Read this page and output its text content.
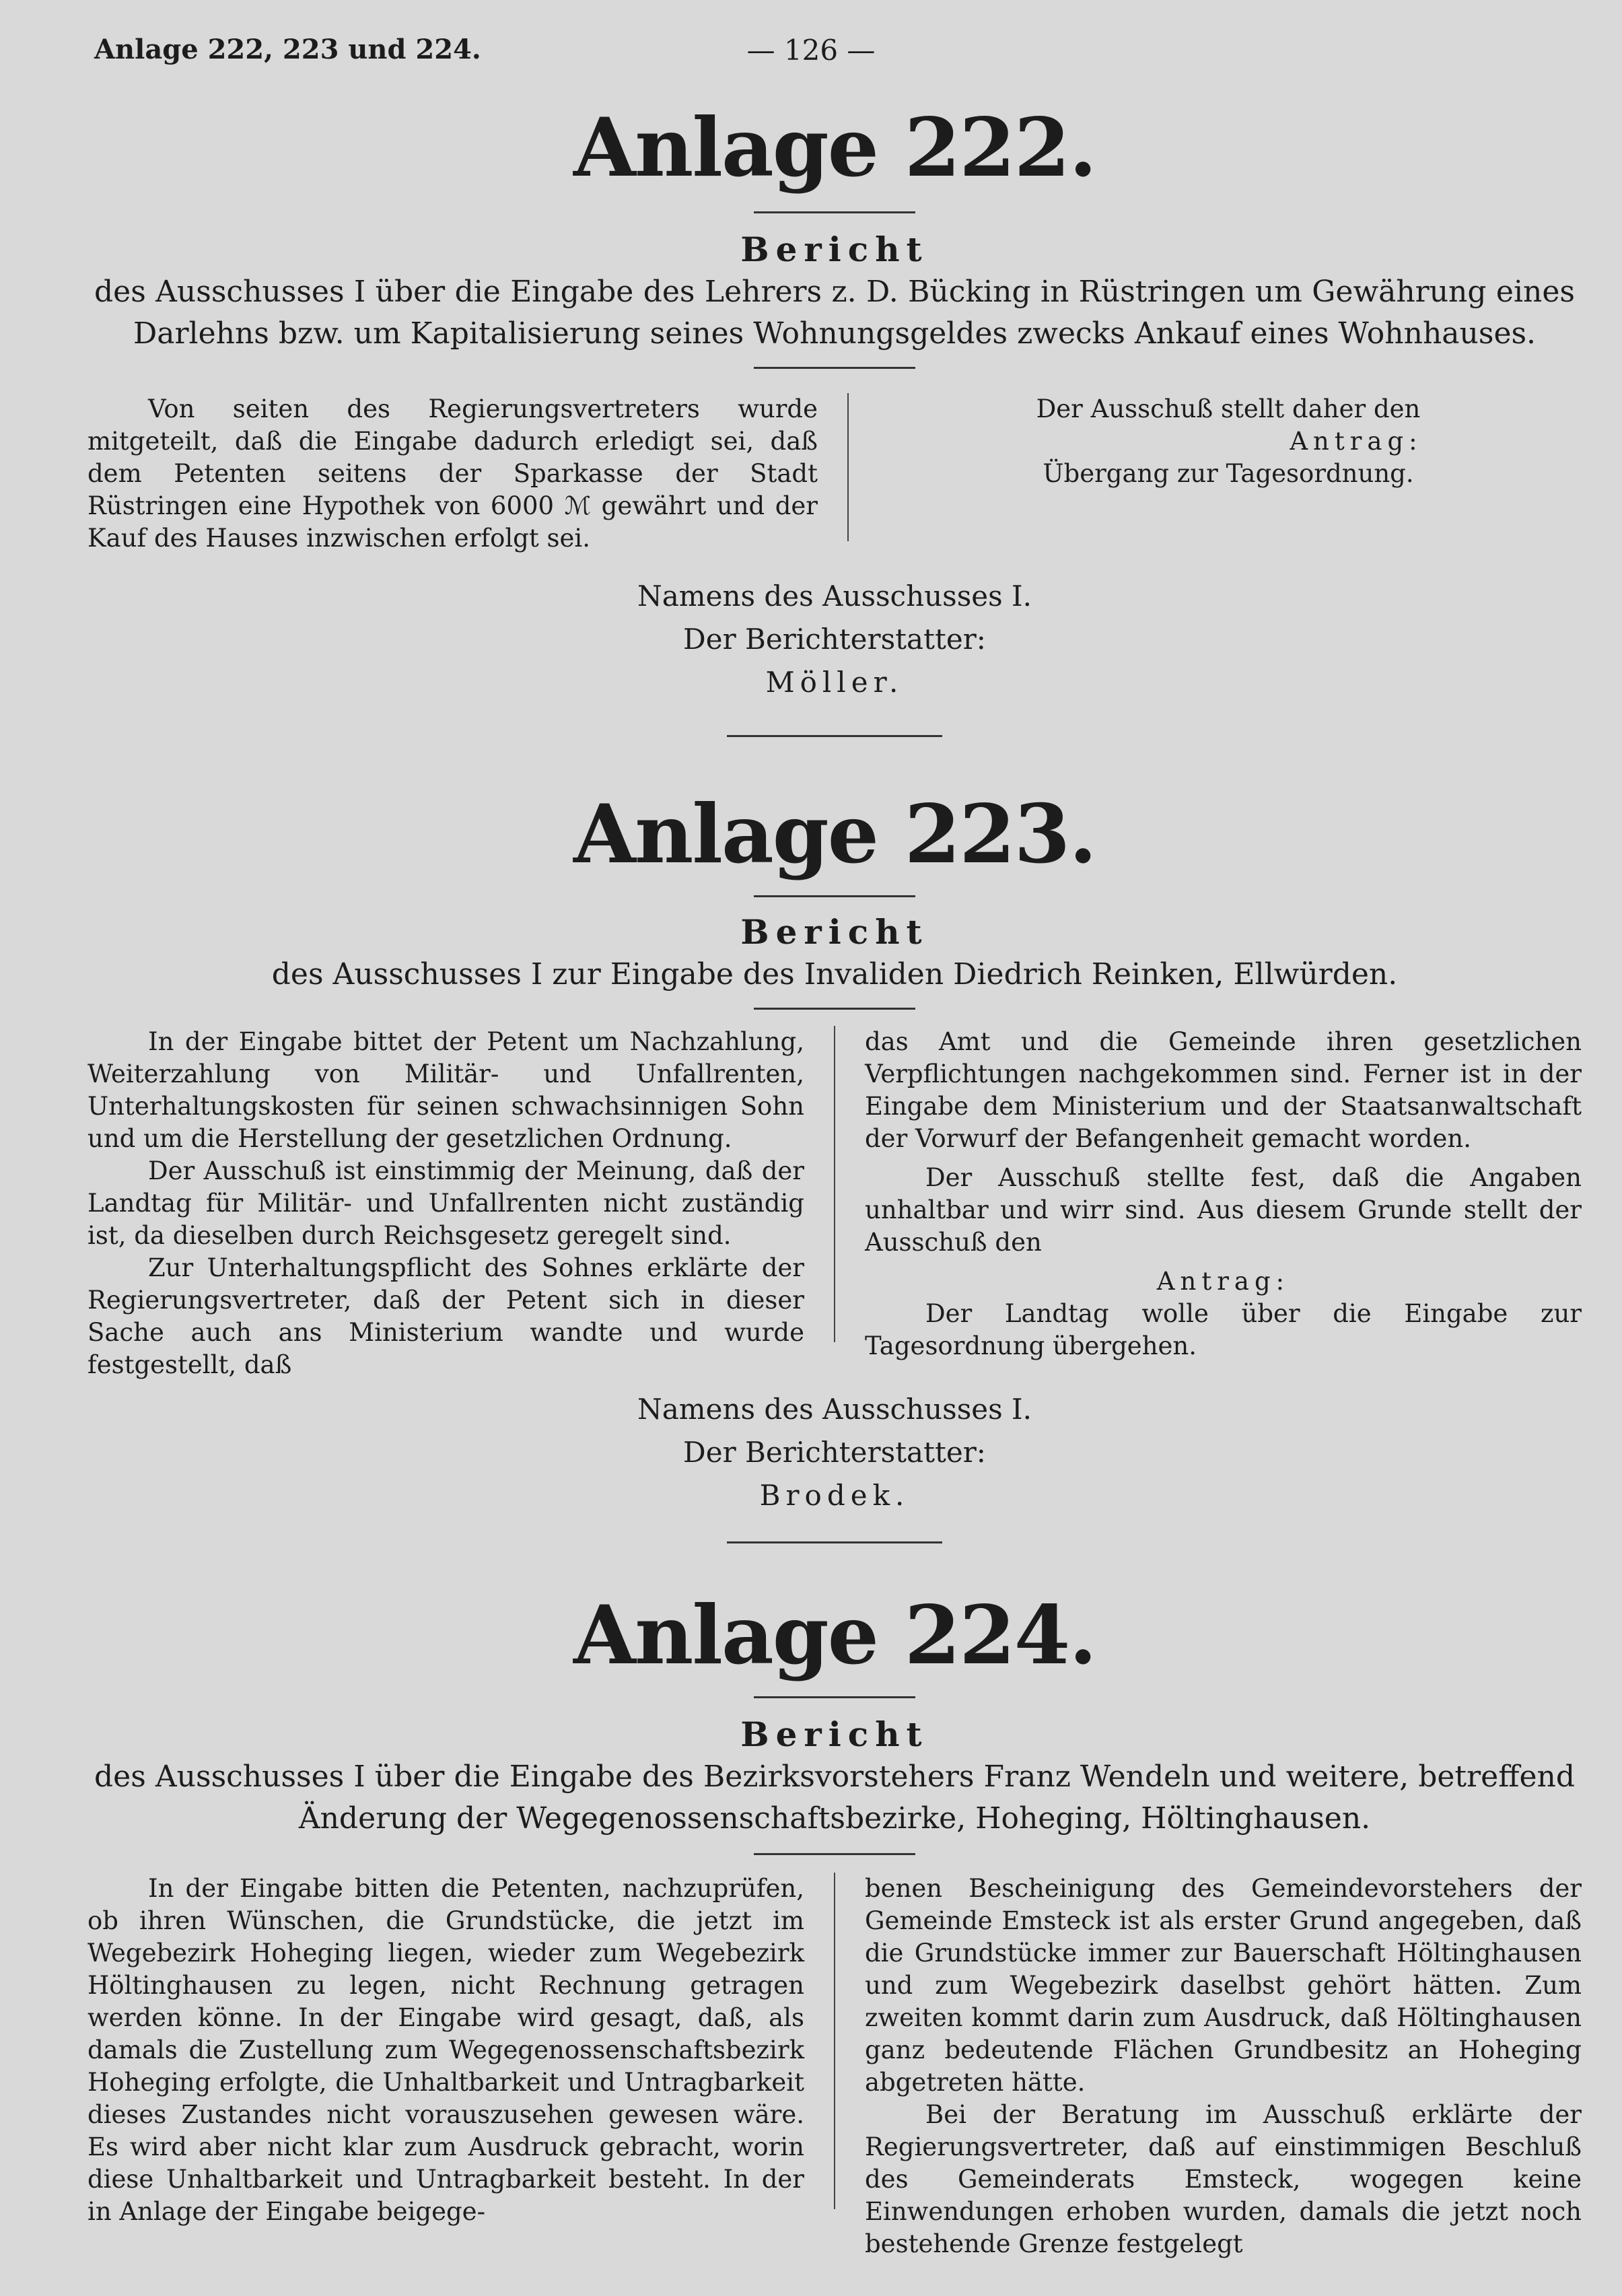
Anlage 222, 223 und 224.	— 126 —
Anlage 222.
Bericht
des Ausschusses I über die Eingabe des Lehrers z. D. Bücking in Rüstringen um Gewährung eines Darlehns bzw. um Kapitalisierung seines Wohnungsgeldes zwecks Ankauf eines Wohnhauses.

Von seiten des Regierungsvertreters wurde mitgeteilt, daß die Eingabe dadurch erledigt sei, daß dem Petenten seitens der Sparkasse der Stadt Rüstringen eine Hypothek von 6000 ℳ gewährt und der Kauf des Hauses inzwischen erfolgt sei.

Der Ausschuß stellt daher den

Antrag:

Übergang zur Tagesordnung.

Namens des Ausschusses I.
Der Berichterstatter:
Möller.
Anlage 223.
Bericht
des Ausschusses I zur Eingabe des Invaliden Diedrich Reinken, Ellwürden.

In der Eingabe bittet der Petent um Nachzahlung, Weiterzahlung von Militär- und Unfallrenten, Unterhaltungskosten für seinen schwachsinnigen Sohn und um die Herstellung der gesetzlichen Ordnung.

Der Ausschuß ist einstimmig der Meinung, daß der Landtag für Militär- und Unfallrenten nicht zuständig ist, da dieselben durch Reichsgesetz geregelt sind.

Zur Unterhaltungspflicht des Sohnes erklärte der Regierungsvertreter, daß der Petent sich in dieser Sache auch ans Ministerium wandte und wurde festgestellt, daß

das Amt und die Gemeinde ihren gesetzlichen Verpflichtungen nachgekommen sind. Ferner ist in der Eingabe dem Ministerium und der Staatsanwaltschaft der Vorwurf der Befangenheit gemacht worden.

Der Ausschuß stellte fest, daß die Angaben unhaltbar und wirr sind. Aus diesem Grunde stellt der Ausschuß den

Antrag:

Der Landtag wolle über die Eingabe zur Tagesordnung übergehen.

Namens des Ausschusses I.
Der Berichterstatter:
Brodek.
Anlage 224.
Bericht
des Ausschusses I über die Eingabe des Bezirksvorstehers Franz Wendeln und weitere, betreffend Änderung der Wegegenossenschaftsbezirke, Hoheging, Höltinghausen.

In der Eingabe bitten die Petenten, nachzuprüfen, ob ihren Wünschen, die Grundstücke, die jetzt im Wegebezirk Hoheging liegen, wieder zum Wegebezirk Höltinghausen zu legen, nicht Rechnung getragen werden könne. In der Eingabe wird gesagt, daß, als damals die Zustellung zum Wegegenossenschaftsbezirk Hoheging erfolgte, die Unhaltbarkeit und Untragbarkeit dieses Zustandes nicht vorauszusehen gewesen wäre. Es wird aber nicht klar zum Ausdruck gebracht, worin diese Unhaltbarkeit und Untragbarkeit besteht. In der in Anlage der Eingabe beigege-

benen Bescheinigung des Gemeindevorstehers der Gemeinde Emsteck ist als erster Grund angegeben, daß die Grundstücke immer zur Bauerschaft Höltinghausen und zum Wegebezirk daselbst gehört hätten. Zum zweiten kommt darin zum Ausdruck, daß Höltinghausen ganz bedeutende Flächen Grundbesitz an Hoheging abgetreten hätte.

Bei der Beratung im Ausschuß erklärte der Regierungsvertreter, daß auf einstimmigen Beschluß des Gemeinderats Emsteck, wogegen keine Einwendungen erhoben wurden, damals die jetzt noch bestehende Grenze festgelegt
